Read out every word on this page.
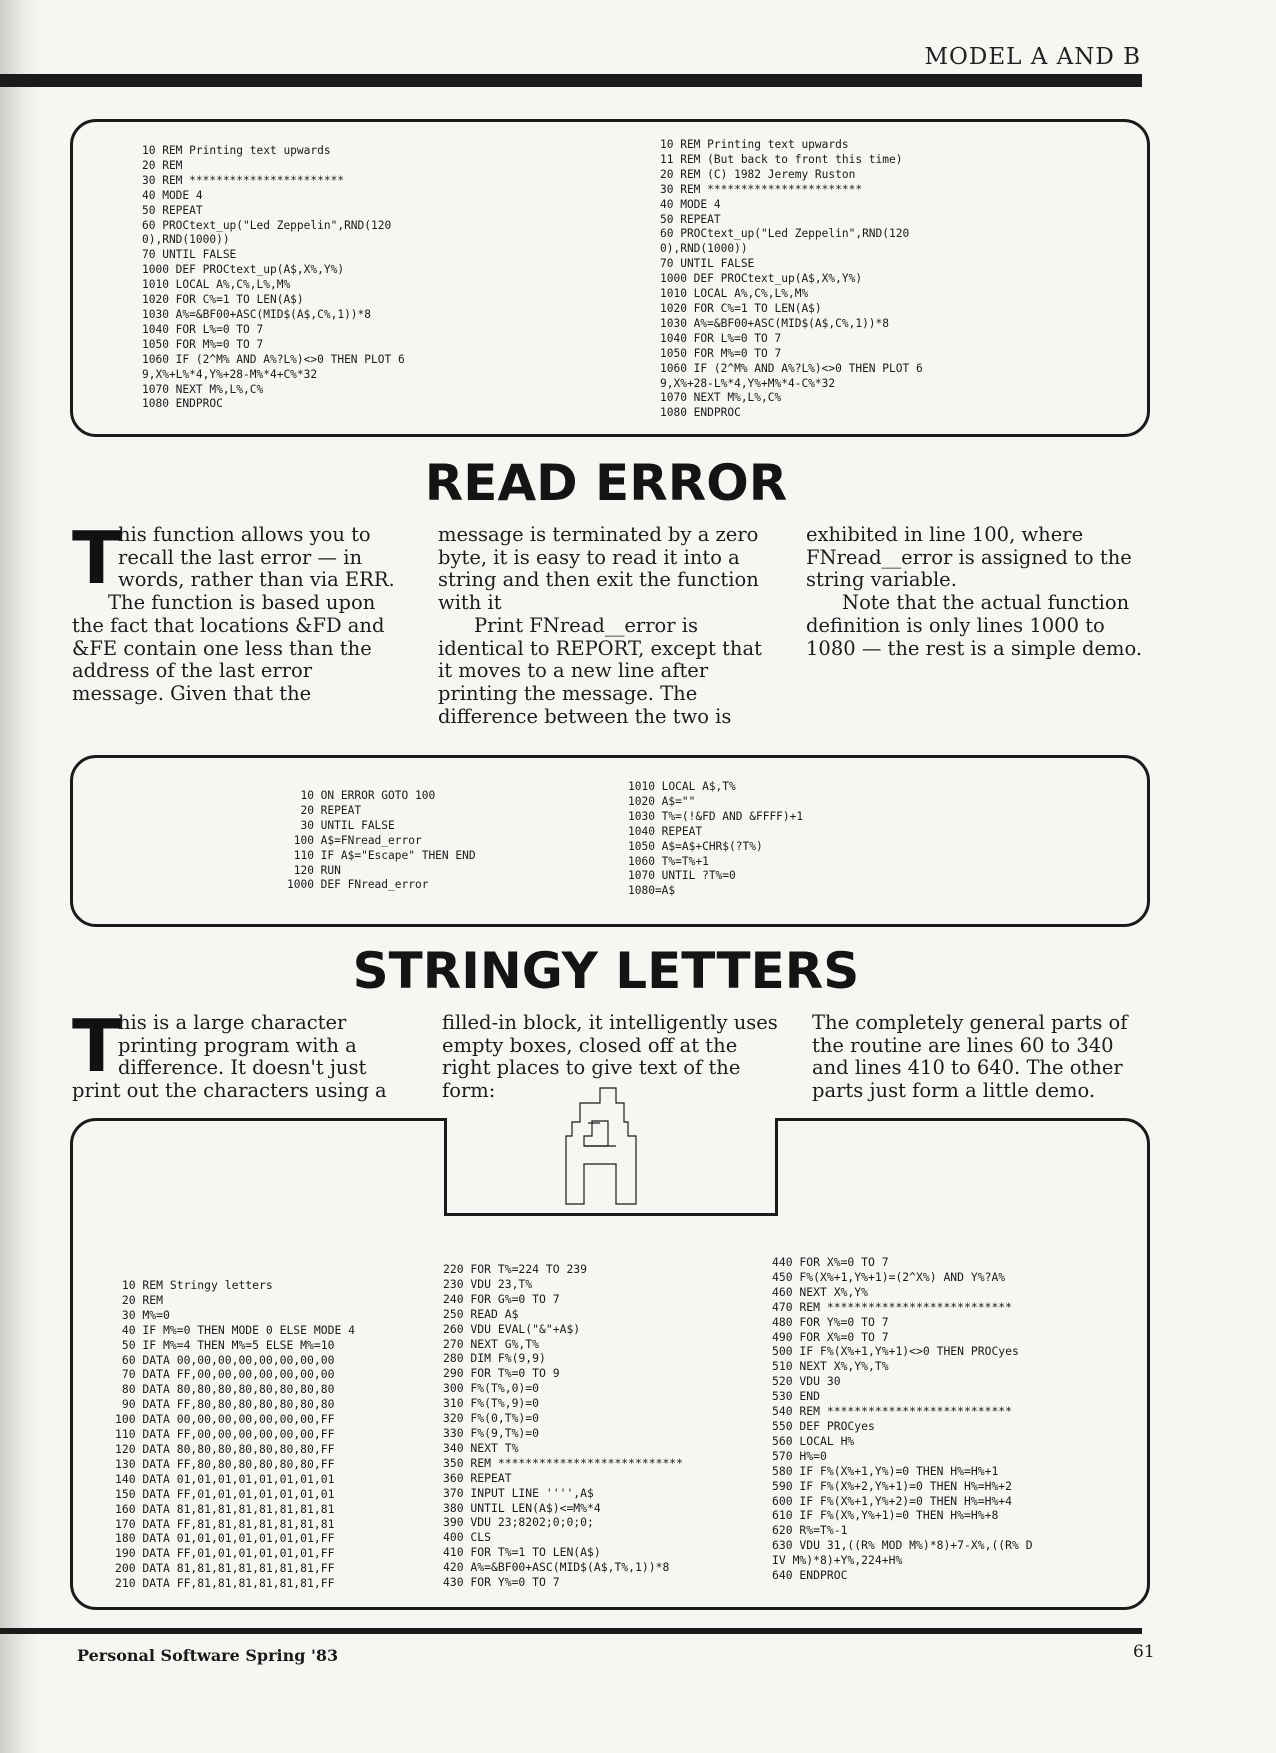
MODEL A AND B
10 REM Printing text upwards
20 REM
30 REM ***********************
40 MODE 4
50 REPEAT
60 PROCtext_up("Led Zeppelin",RND(120
0),RND(1000))
70 UNTIL FALSE
1000 DEF PROCtext_up(A$,X%,Y%)
1010 LOCAL A%,C%,L%,M%
1020 FOR C%=1 TO LEN(A$)
1030 A%=&BF00+ASC(MID$(A$,C%,1))*8
1040 FOR L%=0 TO 7
1050 FOR M%=0 TO 7
1060 IF (2^M% AND A%?L%)<>0 THEN PLOT 6
9,X%+L%*4,Y%+28-M%*4+C%*32
1070 NEXT M%,L%,C%
1080 ENDPROC
10 REM Printing text upwards
11 REM (But back to front this time)
20 REM (C) 1982 Jeremy Ruston
30 REM ***********************
40 MODE 4
50 REPEAT
60 PROCtext_up("Led Zeppelin",RND(120
0),RND(1000))
70 UNTIL FALSE
1000 DEF PROCtext_up(A$,X%,Y%)
1010 LOCAL A%,C%,L%,M%
1020 FOR C%=1 TO LEN(A$)
1030 A%=&BF00+ASC(MID$(A$,C%,1))*8
1040 FOR L%=0 TO 7
1050 FOR M%=0 TO 7
1060 IF (2^M% AND A%?L%)<>0 THEN PLOT 6
9,X%+28-L%*4,Y%+M%*4-C%*32
1070 NEXT M%,L%,C%
1080 ENDPROC
READ ERROR
T

his function allows you to recall the last error — in words, rather than via ERR.

The function is based upon the fact that locations &FD and &FE contain one less than the address of the last error message. Given that the

message is terminated by a zero byte, it is easy to read it into a string and then exit the function with it

Print FNread__error is identical to REPORT, except that it moves to a new line after printing the message. The difference between the two is

exhibited in line 100, where FNread__error is assigned to the string variable.

Note that the actual function definition is only lines 1000 to 1080 — the rest is a simple demo.

10 ON ERROR GOTO 100
20 REPEAT
30 UNTIL FALSE
100 A$=FNread_error
110 IF A$="Escape" THEN END
120 RUN
1000 DEF FNread_error
1010 LOCAL A$,T%
1020 A$=""
1030 T%=(!&FD AND &FFFF)+1
1040 REPEAT
1050 A$=A$+CHR$(?T%)
1060 T%=T%+1
1070 UNTIL ?T%=0
1080=A$
STRINGY LETTERS
T

his is a large character printing program with a difference. It doesn't just print out the characters using a

filled-in block, it intelligently uses empty boxes, closed off at the right places to give text of the form:

The completely general parts of the routine are lines 60 to 340 and lines 410 to 640. The other parts just form a little demo.

10 REM Stringy letters
20 REM
30 M%=0
40 IF M%=0 THEN MODE 0 ELSE MODE 4
50 IF M%=4 THEN M%=5 ELSE M%=10
60 DATA 00,00,00,00,00,00,00,00
70 DATA FF,00,00,00,00,00,00,00
80 DATA 80,80,80,80,80,80,80,80
90 DATA FF,80,80,80,80,80,80,80
100 DATA 00,00,00,00,00,00,00,FF
110 DATA FF,00,00,00,00,00,00,FF
120 DATA 80,80,80,80,80,80,80,FF
130 DATA FF,80,80,80,80,80,80,FF
140 DATA 01,01,01,01,01,01,01,01
150 DATA FF,01,01,01,01,01,01,01
160 DATA 81,81,81,81,81,81,81,81
170 DATA FF,81,81,81,81,81,81,81
180 DATA 01,01,01,01,01,01,01,FF
190 DATA FF,01,01,01,01,01,01,FF
200 DATA 81,81,81,81,81,81,81,FF
210 DATA FF,81,81,81,81,81,81,FF
220 FOR T%=224 TO 239
230 VDU 23,T%
240 FOR G%=0 TO 7
250 READ A$
260 VDU EVAL("&"+A$)
270 NEXT G%,T%
280 DIM F%(9,9)
290 FOR T%=0 TO 9
300 F%(T%,0)=0
310 F%(T%,9)=0
320 F%(0,T%)=0
330 F%(9,T%)=0
340 NEXT T%
350 REM ***************************
360 REPEAT
370 INPUT LINE '''',A$
380 UNTIL LEN(A$)<=M%*4
390 VDU 23;8202;0;0;0;
400 CLS
410 FOR T%=1 TO LEN(A$)
420 A%=&BF00+ASC(MID$(A$,T%,1))*8
430 FOR Y%=0 TO 7
440 FOR X%=0 TO 7
450 F%(X%+1,Y%+1)=(2^X%) AND Y%?A%
460 NEXT X%,Y%
470 REM ***************************
480 FOR Y%=0 TO 7
490 FOR X%=0 TO 7
500 IF F%(X%+1,Y%+1)<>0 THEN PROCyes
510 NEXT X%,Y%,T%
520 VDU 30
530 END
540 REM ***************************
550 DEF PROCyes
560 LOCAL H%
570 H%=0
580 IF F%(X%+1,Y%)=0 THEN H%=H%+1
590 IF F%(X%+2,Y%+1)=0 THEN H%=H%+2
600 IF F%(X%+1,Y%+2)=0 THEN H%=H%+4
610 IF F%(X%,Y%+1)=0 THEN H%=H%+8
620 R%=T%-1
630 VDU 31,((R% MOD M%)*8)+7-X%,((R% D
IV M%)*8)+Y%,224+H%
640 ENDPROC
Personal Software Spring '83	61
